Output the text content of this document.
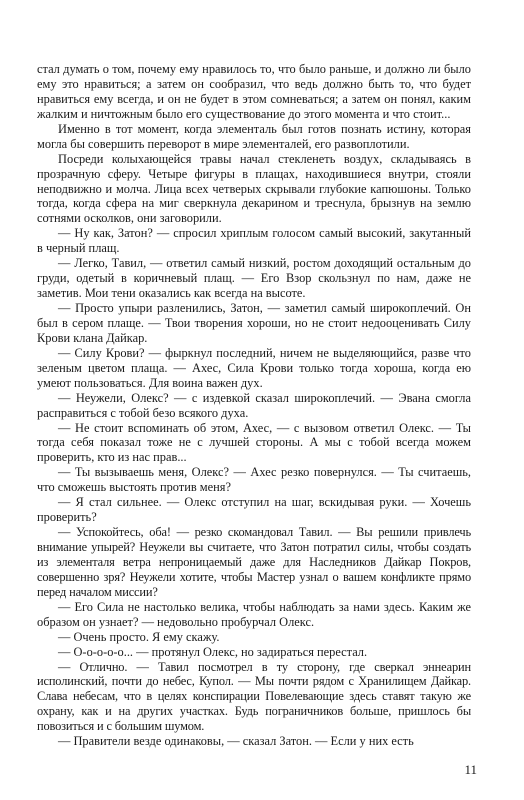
стал думать о том, почему ему нравилось то, что было раньше, и должно ли было ему это нравиться; а затем он сообразил, что ведь должно быть то, что будет нравиться ему всегда, и он не будет в этом сомневаться; а затем он понял, каким жалким и ничтожным было его существование до этого момента и что стоит...

Именно в тот момент, когда элементаль был готов познать истину, которая могла бы совершить переворот в мире элементалей, его развоплотили.

Посреди колыхающейся травы начал стекленеть воздух, складываясь в прозрачную сферу. Четыре фигуры в плащах, находившиеся внутри, стояли неподвижно и молча. Лица всех четверых скрывали глубокие капюшоны. Только тогда, когда сфера на миг сверкнула декарином и треснула, брызнув на землю сотнями осколков, они заговорили.

— Ну как, Затон? — спросил хриплым голосом самый высокий, закутанный в черный плащ.

— Легко, Тавил, — ответил самый низкий, ростом доходящий остальным до груди, одетый в коричневый плащ. — Его Взор скользнул по нам, даже не заметив. Мои тени оказались как всегда на высоте.

— Просто упыри разленились, Затон, — заметил самый широкоплечий. Он был в сером плаще. — Твои творения хороши, но не стоит недооценивать Силу Крови клана Дайкар.

— Силу Крови? — фыркнул последний, ничем не выделяющийся, разве что зеленым цветом плаща. — Ахес, Сила Крови только тогда хороша, когда ею умеют пользоваться. Для воина важен дух.

— Неужели, Олекс? — с издевкой сказал широкоплечий. — Эвана смогла расправиться с тобой безо всякого духа.

— Не стоит вспоминать об этом, Ахес, — с вызовом ответил Олекс. — Ты тогда себя показал тоже не с лучшей стороны. А мы с тобой всегда можем проверить, кто из нас прав...

— Ты вызываешь меня, Олекс? — Ахес резко повернулся. — Ты считаешь, что сможешь выстоять против меня?

— Я стал сильнее. — Олекс отступил на шаг, вскидывая руки. — Хочешь проверить?

— Успокойтесь, оба! — резко скомандовал Тавил. — Вы решили привлечь внимание упырей? Неужели вы считаете, что Затон потратил силы, чтобы создать из элементаля ветра непроницаемый даже для Наследников Дайкар Покров, совершенно зря? Неужели хотите, чтобы Мастер узнал о вашем конфликте прямо перед началом миссии?

— Его Сила не настолько велика, чтобы наблюдать за нами здесь. Каким же образом он узнает? — недовольно пробурчал Олекс.

— Очень просто. Я ему скажу.

— О-о-о-о-о... — протянул Олекс, но задираться перестал.

— Отлично. — Тавил посмотрел в ту сторону, где сверкал эннеарин исполинский, почти до небес, Купол. — Мы почти рядом с Хранилищем Дайкар. Слава небесам, что в целях конспирации Повелевающие здесь ставят такую же охрану, как и на других участках. Будь пограничников больше, пришлось бы повозиться и с большим шумом.

— Правители везде одинаковы, — сказал Затон. — Если у них есть

11
